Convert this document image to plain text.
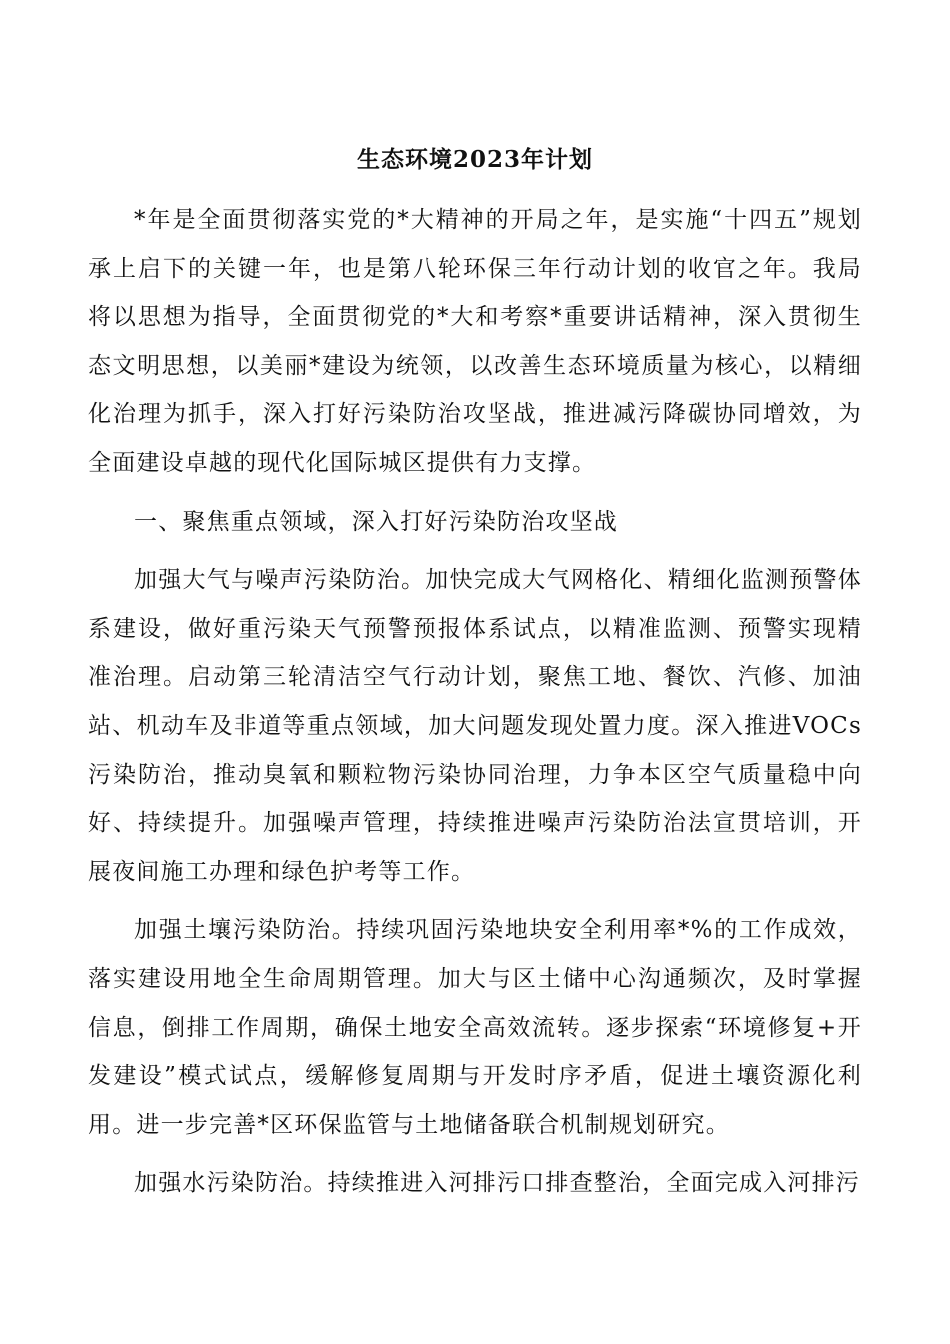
生态环境2023年计划

*年是全面贯彻落实党的*大精神的开局之年，是实施“十四五”规划承上启下的关键一年，也是第八轮环保三年行动计划的收官之年。我局将以思想为指导，全面贯彻党的*大和考察*重要讲话精神，深入贯彻生态文明思想，以美丽*建设为统领，以改善生态环境质量为核心，以精细化治理为抓手，深入打好污染防治攻坚战，推进减污降碳协同增效，为全面建设卓越的现代化国际城区提供有力支撑。

一、聚焦重点领域，深入打好污染防治攻坚战

加强大气与噪声污染防治。加快完成大气网格化、精细化监测预警体系建设，做好重污染天气预警预报体系试点，以精准监测、预警实现精准治理。启动第三轮清洁空气行动计划，聚焦工地、餐饮、汽修、加油站、机动车及非道等重点领域，加大问题发现处置力度。深入推进VOCs污染防治，推动臭氧和颗粒物污染协同治理，力争本区空气质量稳中向好、持续提升。加强噪声管理，持续推进噪声污染防治法宣贯培训，开展夜间施工办理和绿色护考等工作。

加强土壤污染防治。持续巩固污染地块安全利用率*%的工作成效，落实建设用地全生命周期管理。加大与区土储中心沟通频次，及时掌握信息，倒排工作周期，确保土地安全高效流转。逐步探索“环境修复+开发建设”模式试点，缓解修复周期与开发时序矛盾，促进土壤资源化利用。进一步完善*区环保监管与土地储备联合机制规划研究。

加强水污染防治。持续推进入河排污口排查整治，全面完成入河排污
